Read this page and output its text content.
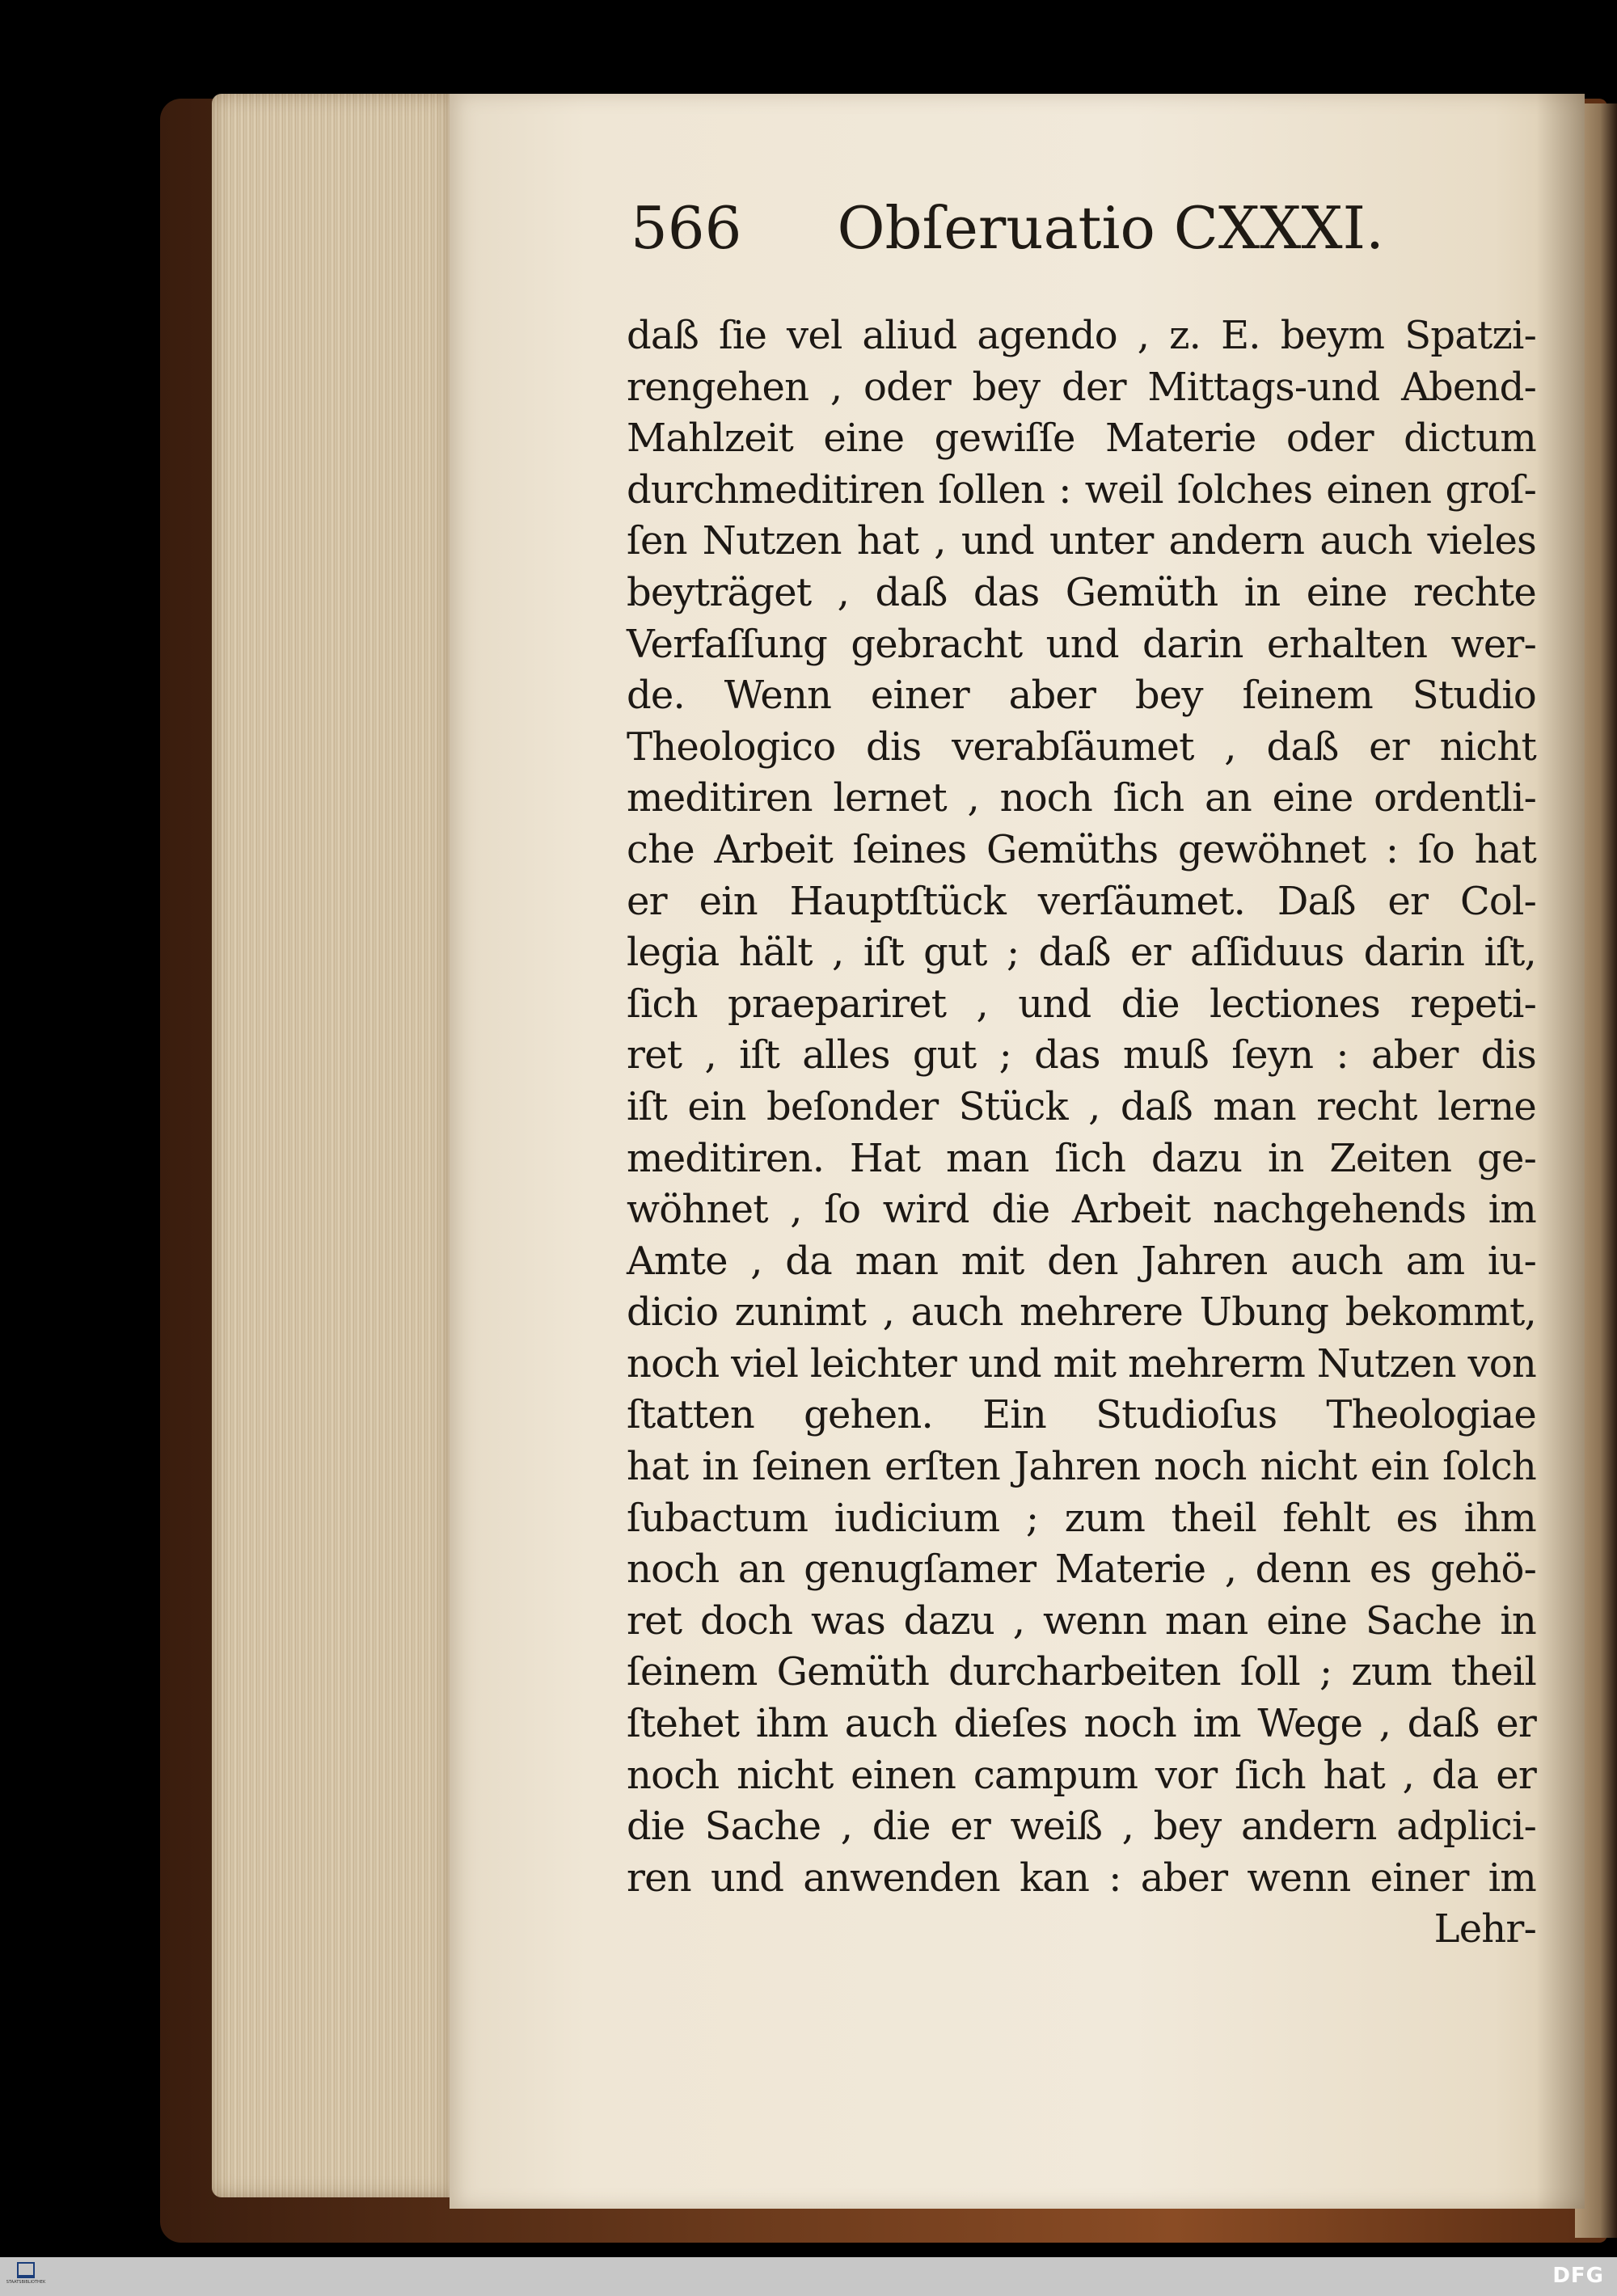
566 Obſeruatio CXXXI.
daß ſie vel aliud agendo , z. E. beym Spatzi-
rengehen , oder bey der Mittags-und Abend-
Mahlzeit eine gewiſſe Materie oder dictum
durchmeditiren ſollen : weil ſolches einen groſ-
ſen Nutzen hat , und unter andern auch vieles
beyträget , daß das Gemüth in eine rechte
Verfaſſung gebracht und darin erhalten wer-
de. Wenn einer aber bey ſeinem Studio
Theologico dis verabſäumet , daß er nicht
meditiren lernet , noch ſich an eine ordentli-
che Arbeit ſeines Gemüths gewöhnet : ſo hat
er ein Hauptſtück verſäumet. Daß er Col-
legia hält , iſt gut ; daß er aſſiduus darin iſt,
ſich praepariret , und die lectiones repeti-
ret , iſt alles gut ; das muß ſeyn : aber dis
iſt ein beſonder Stück , daß man recht lerne
meditiren. Hat man ſich dazu in Zeiten ge-
wöhnet , ſo wird die Arbeit nachgehends im
Amte , da man mit den Jahren auch am iu-
dicio zunimt , auch mehrere Ubung bekommt,
noch viel leichter und mit mehrerm Nutzen von
ſtatten gehen. Ein Studioſus Theologiae
hat in ſeinen erſten Jahren noch nicht ein ſolch
ſubactum iudicium ; zum theil fehlt es ihm
noch an genugſamer Materie , denn es gehö-
ret doch was dazu , wenn man eine Sache in
ſeinem Gemüth durcharbeiten ſoll ; zum theil
ſtehet ihm auch dieſes noch im Wege , daß er
noch nicht einen campum vor ſich hat , da er
die Sache , die er weiß , bey andern adplici-
ren und anwenden kan : aber wenn einer im
Lehr-
STAATSBIBLIOTHEK	DFG
